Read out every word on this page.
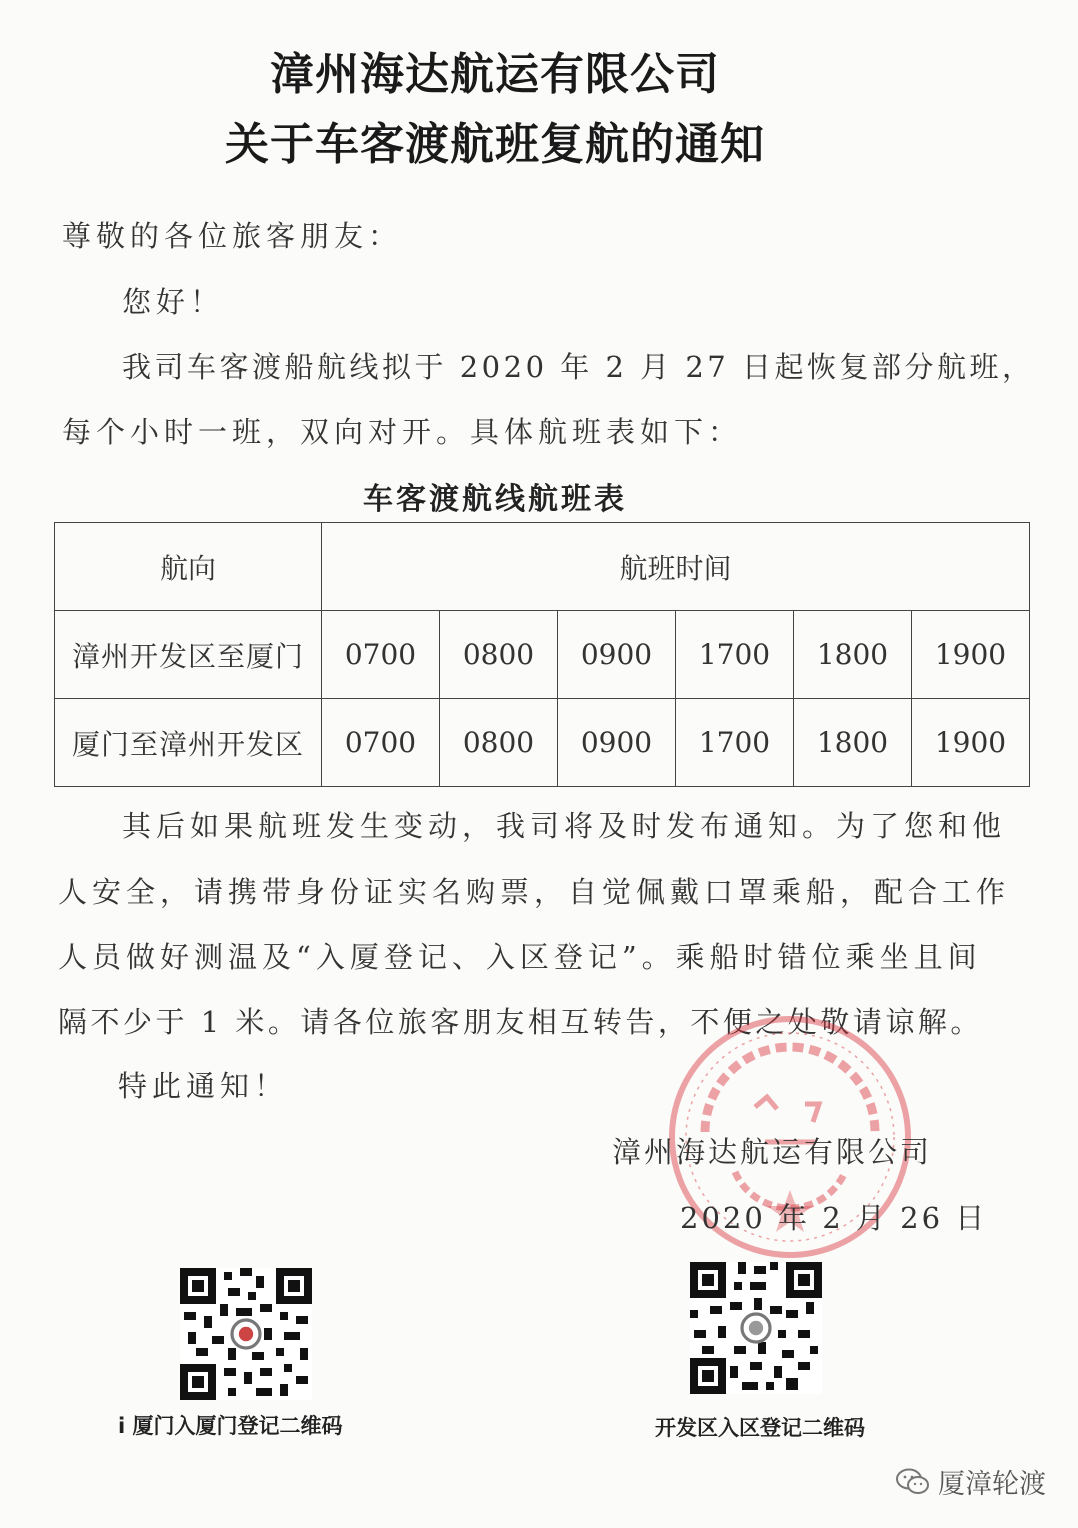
漳州海达航运有限公司
关于车客渡航班复航的通知
尊敬的各位旅客朋友：
您好！
我司车客渡船航线拟于 2020 年 2 月 27 日起恢复部分航班，
每个小时一班，双向对开。具体航班表如下：
车客渡航线航班表
航向	航班时间					
漳州开发区至厦门	0700	0800	0900	1700	1800	1900
厦门至漳州开发区	0700	0800	0900	1700	1800	1900
其后如果航班发生变动，我司将及时发布通知。为了您和他
人安全，请携带身份证实名购票，自觉佩戴口罩乘船，配合工作
人员做好测温及“入厦登记、入区登记”。乘船时错位乘坐且间
隔不少于 1 米。请各位旅客朋友相互转告，不便之处敬请谅解。
特此通知！
漳州海达航运有限公司
2020 年 2 月 26 日
i 厦门入厦门登记二维码	开发区入区登记二维码
厦漳轮渡
